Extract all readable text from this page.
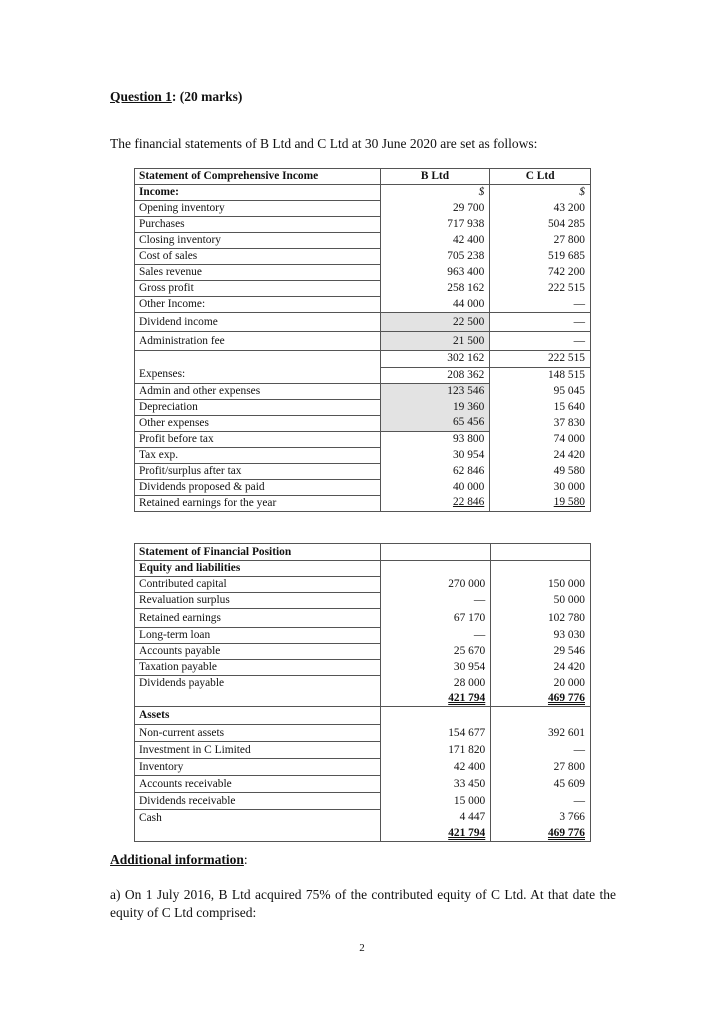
Question 1: (20 marks)
The financial statements of B Ltd and C Ltd at 30 June 2020 are set as follows:
Statement of Comprehensive Income	B Ltd	C Ltd
Income:	$	$
Opening inventory	29 700	43 200
Purchases	717 938	504 285
Closing inventory	42 400	27 800
Cost of sales	705 238	519 685
Sales revenue	963 400	742 200
Gross profit	258 162	222 515
Other Income:	44 000	—
Dividend income	22 500	—
Administration fee	21 500	—
	302 162	222 515
Expenses:	208 362	148 515
Admin and other expenses	123 546	95 045
Depreciation	19 360	15 640
Other expenses	65 456	37 830
Profit before tax	93 800	74 000
Tax exp.	30 954	24 420
Profit/surplus after tax	62 846	49 580
Dividends proposed & paid	40 000	30 000
Retained earnings for the year	22 846	19 580
Statement of Financial Position		
Equity and liabilities		
Contributed capital	270 000	150 000
Revaluation surplus	—	50 000
Retained earnings	67 170	102 780
Long-term loan	—	93 030
Accounts payable	25 670	29 546
Taxation payable	30 954	24 420
Dividends payable	28 000	20 000
	421 794	469 776
Assets		
Non-current assets	154 677	392 601
Investment in C Limited	171 820	—
Inventory	42 400	27 800
Accounts receivable	33 450	45 609
Dividends receivable	15 000	—
Cash	4 447	3 766
	421 794	469 776
Additional information:
a) On 1 July 2016, B Ltd acquired 75% of the contributed equity of C Ltd. At that date the equity of C Ltd comprised:
2
